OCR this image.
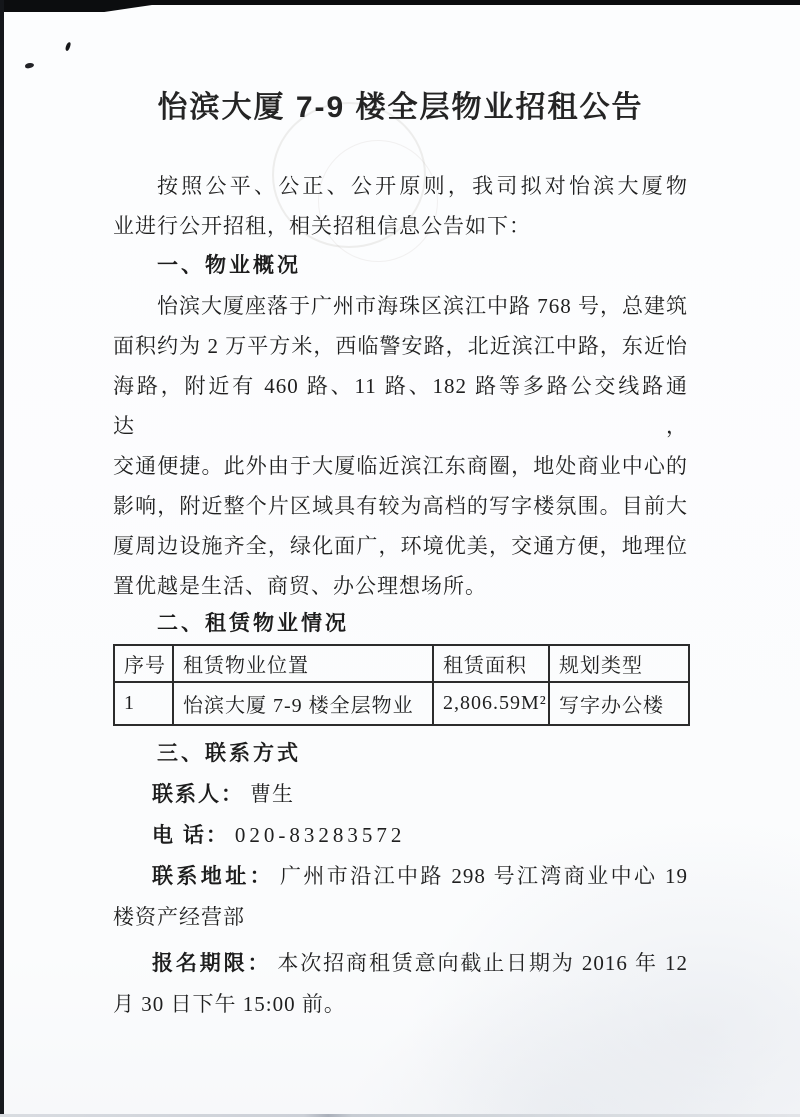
怡滨大厦 7-9 楼全层物业招租公告
按照公平、公正、公开原则，我司拟对怡滨大厦物
业进行公开招租，相关招租信息公告如下：
一、物业概况
怡滨大厦座落于广州市海珠区滨江中路 768 号，总建筑
面积约为 2 万平方米，西临警安路，北近滨江中路，东近怡
海路，附近有 460 路、11 路、182 路等多路公交线路通达，
交通便捷。此外由于大厦临近滨江东商圈，地处商业中心的
影响，附近整个片区域具有较为高档的写字楼氛围。目前大
厦周边设施齐全，绿化面广，环境优美，交通方便，地理位
置优越是生活、商贸、办公理想场所。
二、租赁物业情况
序号	租赁物业位置	租赁面积	规划类型
1	怡滨大厦 7-9 楼全层物业	2,806.59M²	写字办公楼
三、联系方式
联系人： 曹生
电 话： 020-83283572
联系地址： 广州市沿江中路 298 号江湾商业中心 19
楼资产经营部
报名期限： 本次招商租赁意向截止日期为 2016 年 12
月 30 日下午 15:00 前。
